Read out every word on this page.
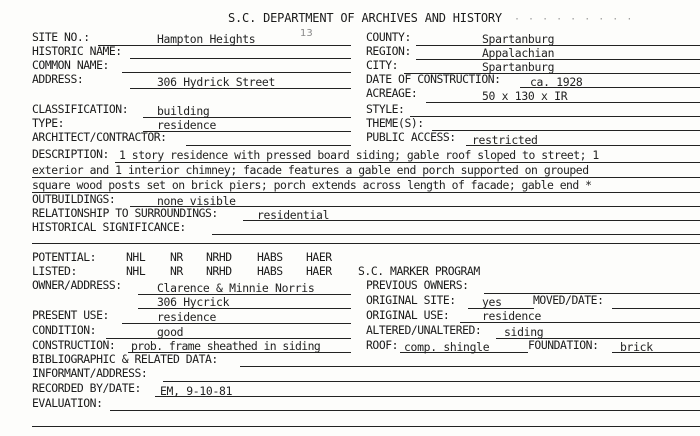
S.C. DEPARTMENT OF ARCHIVES AND HISTORY · · · · · · · · ·
SITE NO.:	Hampton Heights	13	COUNTY:	Spartanburg
HISTORIC NAME:	REGION:	Appalachian
COMMON NAME:	CITY:	Spartanburg
ADDRESS:	306 Hydrick Street	DATE OF CONSTRUCTION:	ca. 1928
ACREAGE:	50 x 130 x IR
CLASSIFICATION:	building	STYLE:
TYPE:	residence	THEME(S):
ARCHITECT/CONTRACTOR:	PUBLIC ACCESS: restricted
DESCRIPTION: 1 story residence with pressed board siding; gable roof sloped to street; 1
exterior and 1 interior chimney; facade features a gable end porch supported on grouped
square wood posts set on brick piers; porch extends across length of facade; gable end *
OUTBUILDINGS:	none visible
RELATIONSHIP TO SURROUNDINGS:	residential
HISTORICAL SIGNIFICANCE:
POTENTIAL:	NHL NR NRHD HABS HAER
LISTED:	NHL NR NRHD HABS HAER S.C. MARKER PROGRAM
OWNER/ADDRESS:	Clarence & Minnie Norris	PREVIOUS OWNERS:
306 Hycrick	ORIGINAL SITE: yes	MOVED/DATE:
PRESENT USE:	residence	ORIGINAL USE:	residence
CONDITION:	good	ALTERED/UNALTERED: siding
CONSTRUCTION: prob. frame sheathed in siding	ROOF: comp. shingle	FOUNDATION: brick
BIBLIOGRAPHIC & RELATED DATA:
INFORMANT/ADDRESS:
RECORDED BY/DATE: EM, 9-10-81
EVALUATION:
